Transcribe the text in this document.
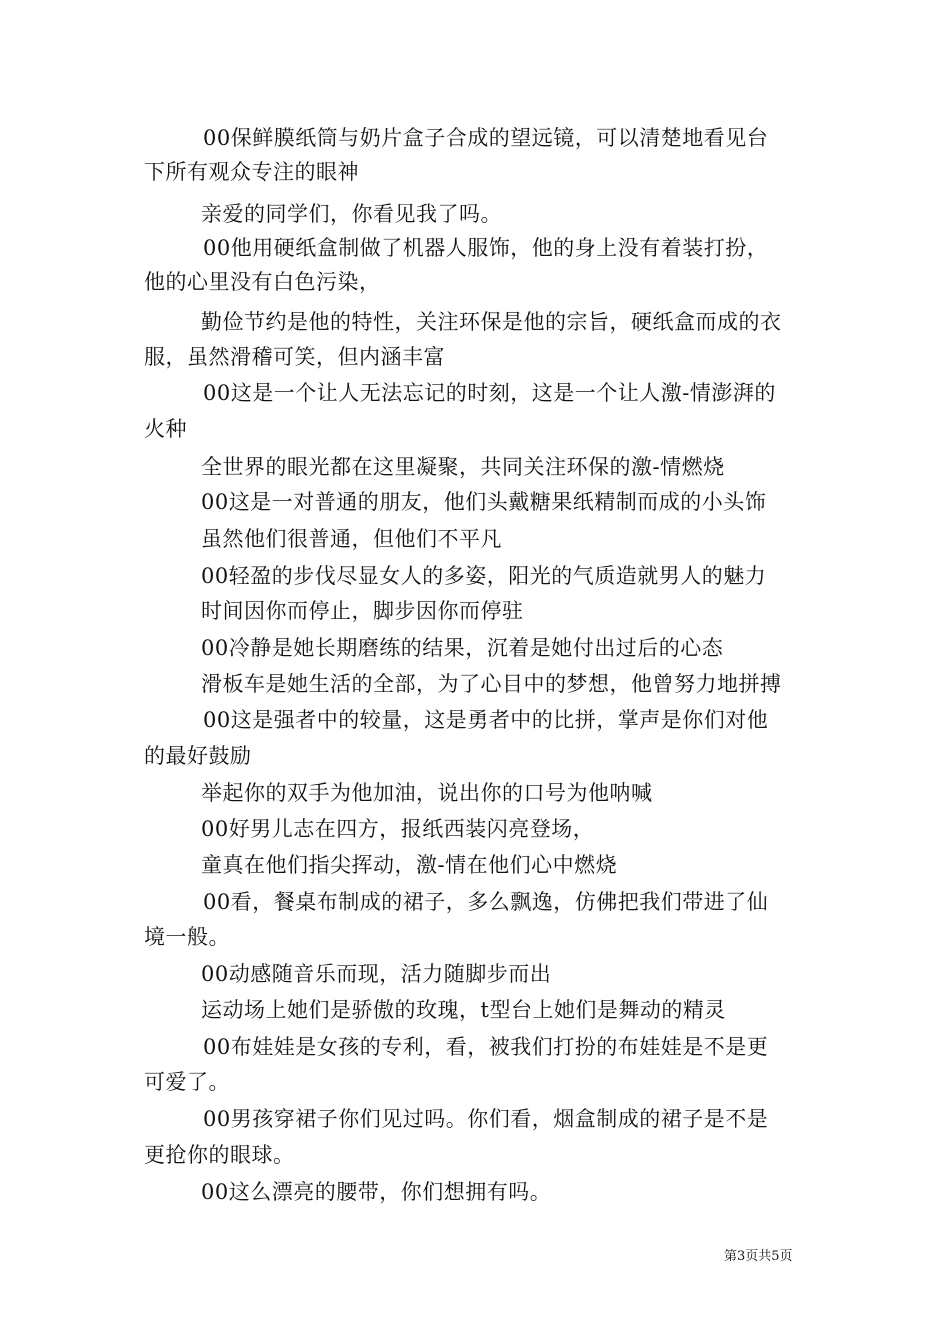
00保鲜膜纸筒与奶片盒子合成的望远镜，可以清楚地看见台
下所有观众专注的眼神
亲爱的同学们，你看见我了吗。
00他用硬纸盒制做了机器人服饰，他的身上没有着装打扮，
他的心里没有白色污染，
勤俭节约是他的特性，关注环保是他的宗旨，硬纸盒而成的衣
服，虽然滑稽可笑，但内涵丰富
00这是一个让人无法忘记的时刻，这是一个让人激-情澎湃的
火种
全世界的眼光都在这里凝聚，共同关注环保的激-情燃烧
00这是一对普通的朋友，他们头戴糖果纸精制而成的小头饰
虽然他们很普通，但他们不平凡
00轻盈的步伐尽显女人的多姿，阳光的气质造就男人的魅力
时间因你而停止，脚步因你而停驻
00冷静是她长期磨练的结果，沉着是她付出过后的心态
滑板车是她生活的全部，为了心目中的梦想，他曾努力地拼搏
00这是强者中的较量，这是勇者中的比拼，掌声是你们对他
的最好鼓励
举起你的双手为他加油，说出你的口号为他呐喊
00好男儿志在四方，报纸西装闪亮登场，
童真在他们指尖挥动，激-情在他们心中燃烧
00看，餐桌布制成的裙子，多么飘逸，仿佛把我们带进了仙
境一般。
00动感随音乐而现，活力随脚步而出
运动场上她们是骄傲的玫瑰，t型台上她们是舞动的精灵
00布娃娃是女孩的专利，看，被我们打扮的布娃娃是不是更
可爱了。
00男孩穿裙子你们见过吗。你们看，烟盒制成的裙子是不是
更抢你的眼球。
00这么漂亮的腰带，你们想拥有吗。
第3页共5页
